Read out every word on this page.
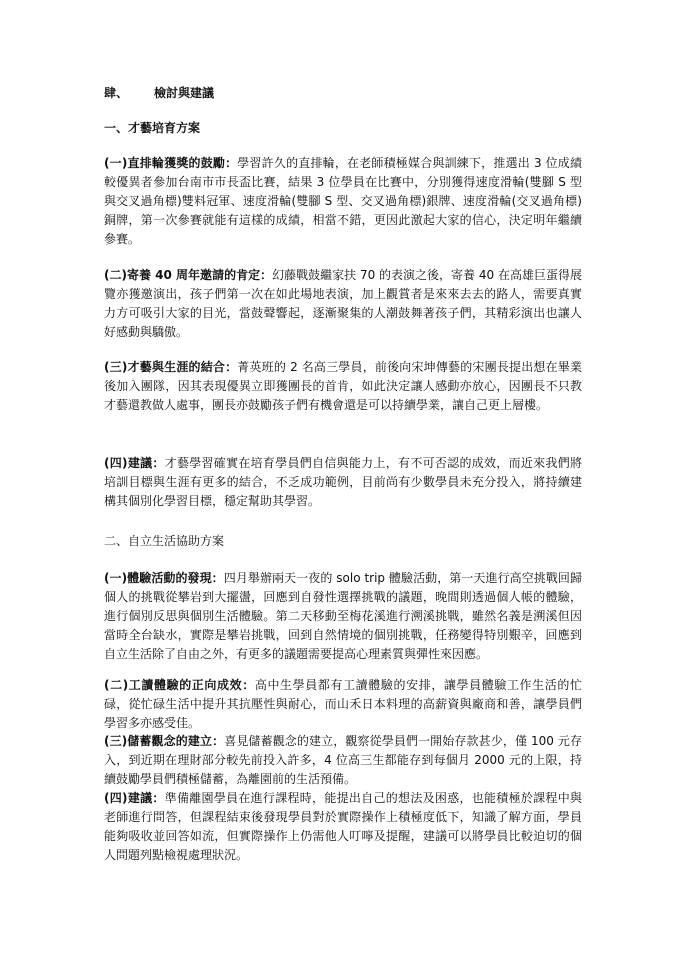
肆、 檢討與建議
一、才藝培育方案

(一)直排輪獲獎的鼓勵：學習許久的直排輪，在老師積極媒合與訓練下，推選出 3 位成績較優異者參加台南市市長盃比賽，結果 3 位學員在比賽中，分別獲得速度滑輪(雙腳 S 型與交叉過角標)雙料冠軍、速度滑輪(雙腳 S 型、交叉過角標)銀牌、速度滑輪(交叉過角標)銅牌，第一次參賽就能有這樣的成績，相當不錯，更因此激起大家的信心，決定明年繼續參賽。

(二)寄養 40 周年邀請的肯定：幻藤戰鼓繼家扶 70 的表演之後，寄養 40 在高雄巨蛋得展覽亦獲邀演出，孩子們第一次在如此場地表演，加上觀賞者是來來去去的路人，需要真實力方可吸引大家的目光，當鼓聲響起，逐漸聚集的人潮鼓舞著孩子們，其精彩演出也讓人好感動與驕傲。

(三)才藝與生涯的結合：菁英班的 2 名高三學員，前後向宋坤傳藝的宋團長提出想在畢業後加入團隊，因其表現優異立即獲團長的首肯，如此決定讓人感動亦放心，因團長不只教才藝還教做人處事，團長亦鼓勵孩子們有機會還是可以持續學業，讓自己更上層樓。

(四)建議：才藝學習確實在培育學員們自信與能力上，有不可否認的成效，而近來我們將培訓目標與生涯有更多的結合，不乏成功範例，目前尚有少數學員未充分投入，將持續建構其個別化學習目標，穩定幫助其學習。

二、自立生活協助方案

(一)體驗活動的發現：四月舉辦兩天一夜的 solo trip 體驗活動，第一天進行高空挑戰回歸個人的挑戰從攀岩到大擺盪，回應到自發性選擇挑戰的議題，晚間則透過個人帳的體驗，進行個別反思與個別生活體驗。第二天移動至梅花溪進行溯溪挑戰，雖然名義是溯溪但因當時全台缺水，實際是攀岩挑戰，回到自然情境的個別挑戰，任務變得特別艱辛，回應到自立生活除了自由之外，有更多的議題需要提高心理素質與彈性來因應。

(二)工讀體驗的正向成效：高中生學員都有工讀體驗的安排，讓學員體驗工作生活的忙碌，從忙碌生活中提升其抗壓性與耐心，而山禾日本料理的高薪資與廠商和善，讓學員們學習多亦感受佳。

(三)儲蓄觀念的建立：喜見儲蓄觀念的建立，觀察從學員們一開始存款甚少，僅 100 元存入，到近期在理財部分較先前投入許多，4 位高三生都能存到每個月 2000 元的上限，持續鼓勵學員們積極儲蓄，為離園前的生活預備。

(四)建議：準備離園學員在進行課程時，能提出自己的想法及困惑，也能積極於課程中與老師進行問答，但課程結束後發現學員對於實際操作上積極度低下，知識了解方面，學員能夠吸收並回答如流，但實際操作上仍需他人叮嚀及提醒，建議可以將學員比較迫切的個人問題列點檢視處理狀況。
